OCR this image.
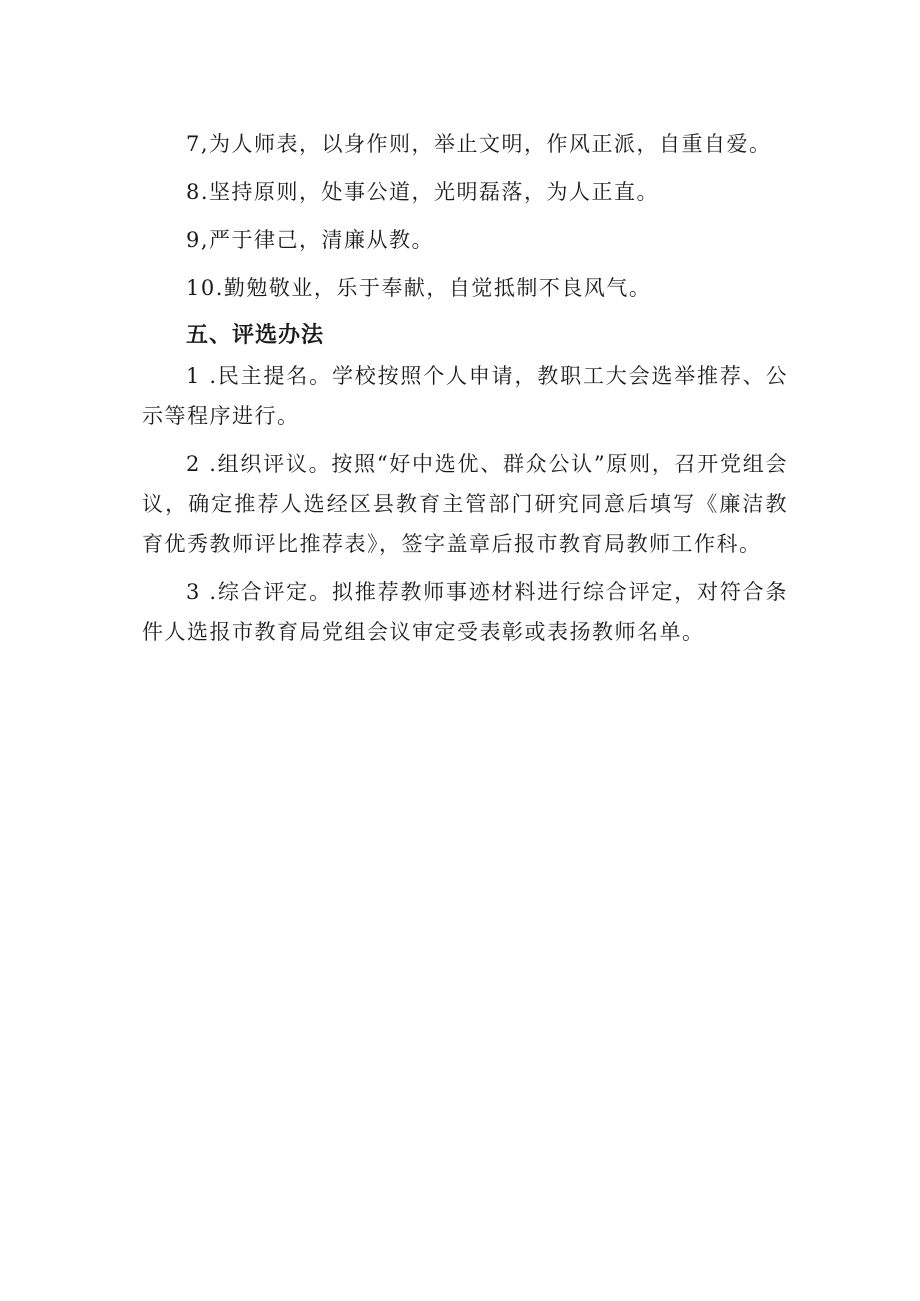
7,为人师表，以身作则，举止文明，作风正派，自重自爱。

8.坚持原则，处事公道，光明磊落，为人正直。

9,严于律己，清廉从教。

10.勤勉敬业，乐于奉献，自觉抵制不良风气。

五、评选办法

1 .民主提名。学校按照个人申请，教职工大会选举推荐、公示等程序进行。

2 .组织评议。按照“好中选优、群众公认”原则，召开党组会议，确定推荐人选经区县教育主管部门研究同意后填写《廉洁教育优秀教师评比推荐表》，签字盖章后报市教育局教师工作科。

3 .综合评定。拟推荐教师事迹材料进行综合评定，对符合条件人选报市教育局党组会议审定受表彰或表扬教师名单。
